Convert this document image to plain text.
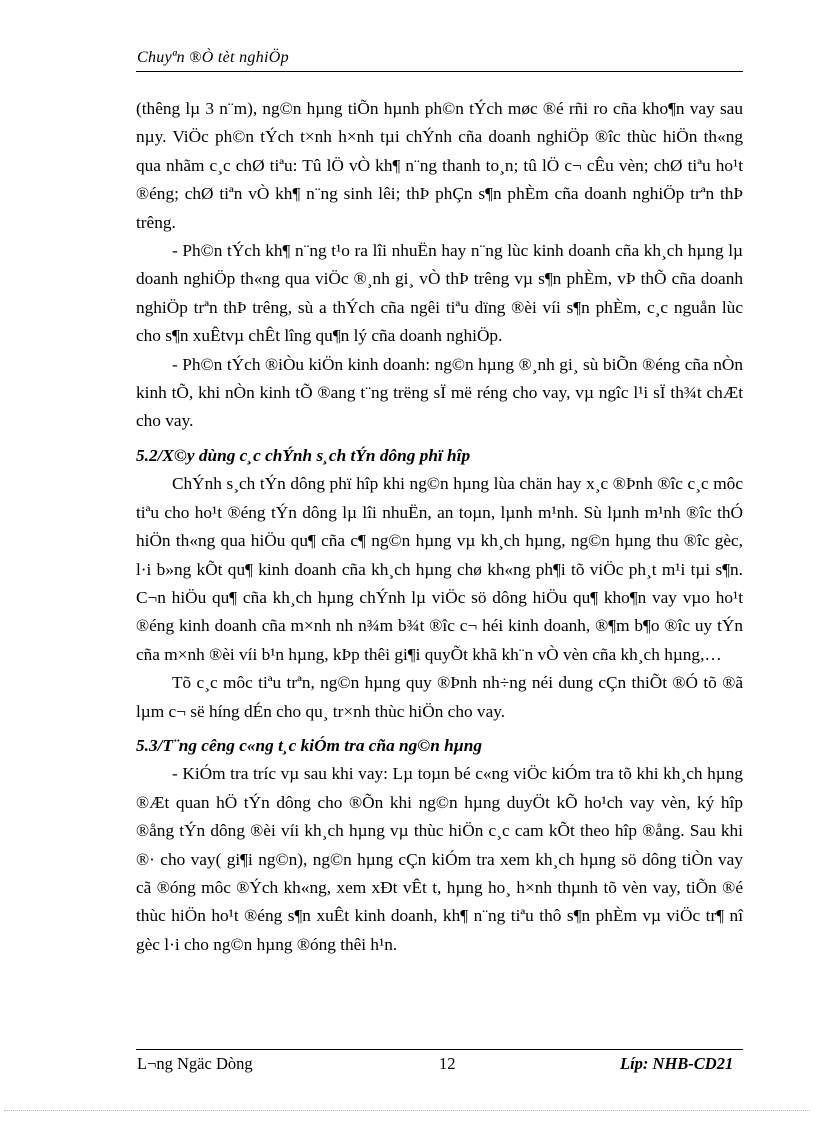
Chuyªn ®Ò tèt nghiÖp

(thêng lµ 3 n¨m), ng©n hµng tiÕn hµnh ph©n tÝch møc ®é rñi ro cña kho¶n vay sau nµy. ViÖc ph©n tÝch t×nh h×nh tµi chÝnh cña doanh nghiÖp ®îc thùc hiÖn th«ng qua nhãm c¸c chØ tiªu: Tû lÖ vÒ kh¶ n¨ng thanh to¸n; tû lÖ c¬ cÊu vèn; chØ tiªu ho¹t ®éng; chØ tiªn vÒ kh¶ n¨ng sinh lêi; thÞ phÇn s¶n phÈm cña doanh nghiÖp trªn thÞ trêng.

- Ph©n tÝch kh¶ n¨ng t¹o ra lîi nhuËn hay n¨ng lùc kinh doanh cña kh¸ch hµng lµ doanh nghiÖp th«ng qua viÖc ®¸nh gi¸ vÒ thÞ trêng vµ s¶n phÈm, vÞ thÕ cña doanh nghiÖp trªn thÞ trêng, sù a thÝch cña ngêi tiªu dïng ®èi víi s¶n phÈm, c¸c nguån lùc cho s¶n xuÊtvµ chÊt lîng qu¶n lý cña doanh nghiÖp.

- Ph©n tÝch ®iÒu kiÖn kinh doanh: ng©n hµng ®¸nh gi¸ sù biÕn ®éng cña nÒn kinh tÕ, khi nÒn kinh tÕ ®ang t¨ng trëng sÏ më réng cho vay, vµ ngîc l¹i sÏ th¾t chÆt cho vay.

5.2/X©y dùng c¸c chÝnh s¸ch tÝn dông phï hîp

ChÝnh s¸ch tÝn dông phï hîp khi ng©n hµng lùa chän hay x¸c ®Þnh ®îc c¸c môc tiªu cho ho¹t ®éng tÝn dông lµ lîi nhuËn, an toµn, lµnh m¹nh. Sù lµnh m¹nh ®îc thÓ hiÖn th«ng qua hiÖu qu¶ cña c¶ ng©n hµng vµ kh¸ch hµng, ng©n hµng thu ®îc gèc, l·i b»ng kÕt qu¶ kinh doanh cña kh¸ch hµng chø kh«ng ph¶i tõ viÖc ph¸t m¹i tµi s¶n. C¬n hiÖu qu¶ cña kh¸ch hµng chÝnh lµ viÖc sö dông hiÖu qu¶ kho¶n vay vµo ho¹t ®éng kinh doanh cña m×nh nh n¾m b¾t ®îc c¬ héi kinh doanh, ®¶m b¶o ®îc uy tÝn cña m×nh ®èi víi b¹n hµng, kÞp thêi gi¶i quyÕt khã kh¨n vÒ vèn cña kh¸ch hµng,…

Tõ c¸c môc tiªu trªn, ng©n hµng quy ®Þnh nh÷ng néi dung cÇn thiÕt ®Ó tõ ®ã lµm c¬ së híng dÉn cho qu¸ tr×nh thùc hiÖn cho vay.

5.3/T¨ng cêng c«ng t¸c kiÓm tra cña ng©n hµng

- KiÓm tra tríc vµ sau khi vay: Lµ toµn bé c«ng viÖc kiÓm tra tõ khi kh¸ch hµng ®Æt quan hÖ tÝn dông cho ®Õn khi ng©n hµng duyÖt kÕ ho¹ch vay vèn, ký hîp ®ång tÝn dông ®èi víi kh¸ch hµng vµ thùc hiÖn c¸c cam kÕt theo hîp ®ång. Sau khi ®· cho vay( gi¶i ng©n), ng©n hµng cÇn kiÓm tra xem kh¸ch hµng sö dông tiÒn vay cã ®óng môc ®Ých kh«ng, xem xÐt vÊt t, hµng ho¸ h×nh thµnh tõ vèn vay, tiÕn ®é thùc hiÖn ho¹t ®éng s¶n xuÊt kinh doanh, kh¶ n¨ng tiªu thô s¶n phÈm vµ viÖc tr¶ nî gèc l·i cho ng©n hµng ®óng thêi h¹n.

L¬ng Ngäc Dòng	12	Líp: NHB-CD21
